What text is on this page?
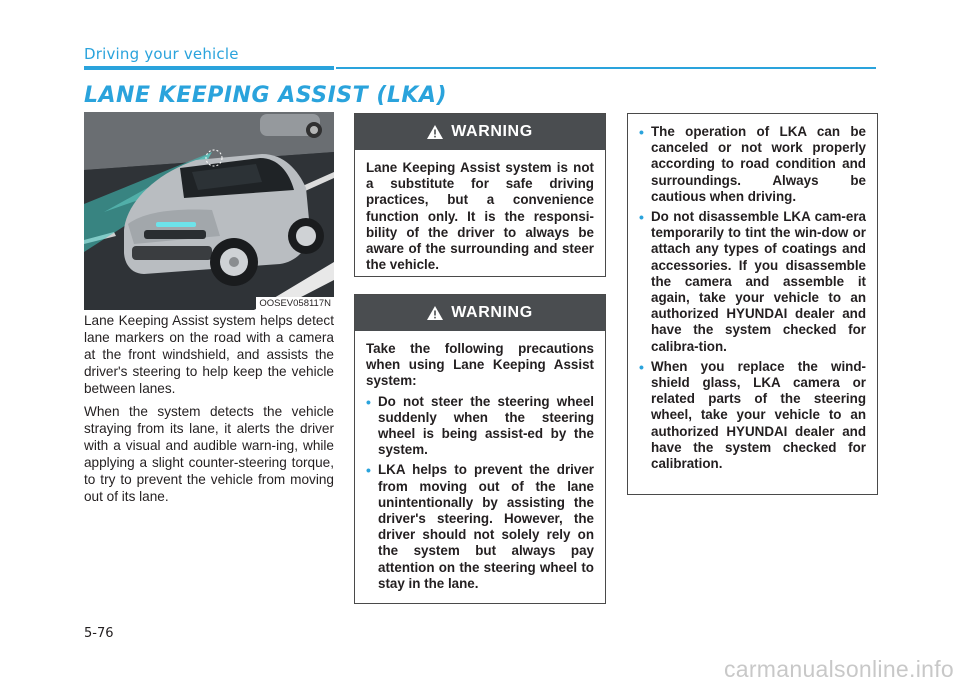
Driving your vehicle
LANE KEEPING ASSIST (LKA)
OOSEV058117N

Lane Keeping Assist system helps detect lane markers on the road with a camera at the front windshield, and assists the driver's steering to help keep the vehicle between lanes.

When the system detects the vehicle straying from its lane, it alerts the driver with a visual and audible warn-ing, while applying a slight counter-steering torque, to try to prevent the vehicle from moving out of its lane.

WARNING

Lane Keeping Assist system is not a substitute for safe driving practices, but a convenience function only. It is the responsi-bility of the driver to always be aware of the surrounding and steer the vehicle.

WARNING

Take the following precautions when using Lane Keeping Assist system:

• Do not steer the steering wheel suddenly when the steering wheel is being assist-ed by the system.
• LKA helps to prevent the driver from moving out of the lane unintentionally by assisting the driver's steering. However, the driver should not solely rely on the system but always pay attention on the steering wheel to stay in the lane.
• The operation of LKA can be canceled or not work properly according to road condition and surroundings. Always be cautious when driving.
• Do not disassemble LKA cam-era temporarily to tint the win-dow or attach any types of coatings and accessories. If you disassemble the camera and assemble it again, take your vehicle to an authorized HYUNDAI dealer and have the system checked for calibra-tion.
• When you replace the wind-shield glass, LKA camera or related parts of the steering wheel, take your vehicle to an authorized HYUNDAI dealer and have the system checked for calibration.
5-76
carmanualsonline.info
